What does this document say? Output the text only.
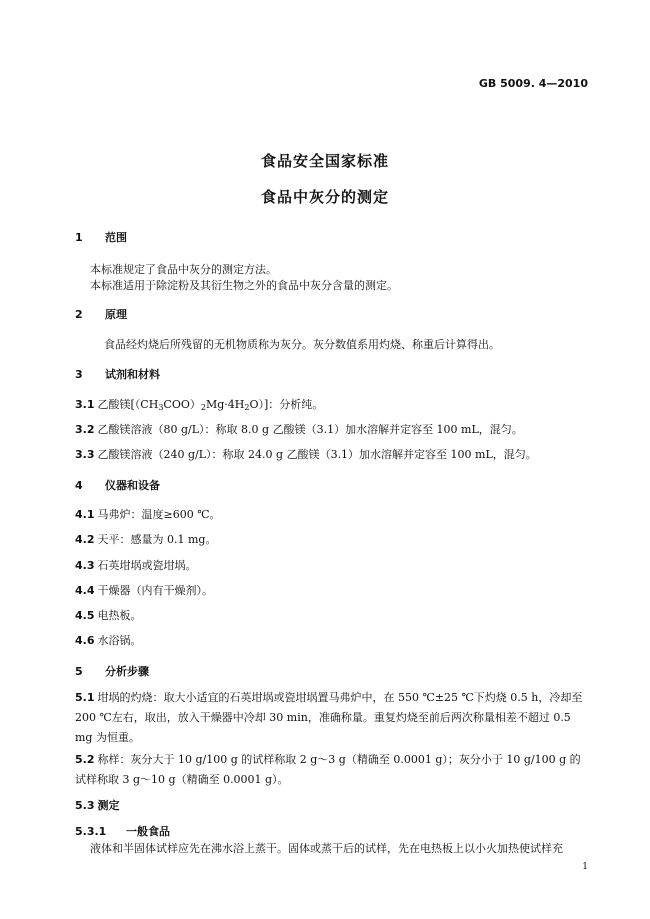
GB 5009. 4—2010
食品安全国家标准
食品中灰分的测定
1 范围
本标准规定了食品中灰分的测定方法。
本标准适用于除淀粉及其衍生物之外的食品中灰分含量的测定。
2 原理
食品经灼烧后所残留的无机物质称为灰分。灰分数值系用灼烧、称重后计算得出。
3 试剂和材料
3.1 乙酸镁$[(CH_3COO)_2Mg\cdot 4H_2O)$]：分析纯。
3.2 乙酸镁溶液（80 g/L）：称取 8.0 g 乙酸镁（3.1）加水溶解并定容至 100 mL，混匀。
3.3 乙酸镁溶液（240 g/L）：称取 24.0 g 乙酸镁（3.1）加水溶解并定容至 100 mL，混匀。
4 仪器和设备
4.1 马弗炉：温度≥600 ℃。
4.2 天平：感量为 0.1 mg。
4.3 石英坩埚或瓷坩埚。
4.4 干燥器（内有干燥剂）。
4.5 电热板。
4.6 水浴锅。
5 分析步骤
5.1 坩埚的灼烧：取大小适宜的石英坩埚或瓷坩埚置马弗炉中，在 550 ℃±25 ℃下灼烧 0.5 h，冷却至 200 ℃左右，取出，放入干燥器中冷却 30 min，准确称量。重复灼烧至前后两次称量相差不超过 0.5 mg 为恒重。
5.2 称样：灰分大于 10 g/100 g 的试样称取 2 g～3 g（精确至 0.0001 g）；灰分小于 10 g/100 g 的试样称取 3 g～10 g（精确至 0.0001 g）。
5.3 测定
5.3.1 一般食品
液体和半固体试样应先在沸水浴上蒸干。固体或蒸干后的试样，先在电热板上以小火加热使试样充
1
